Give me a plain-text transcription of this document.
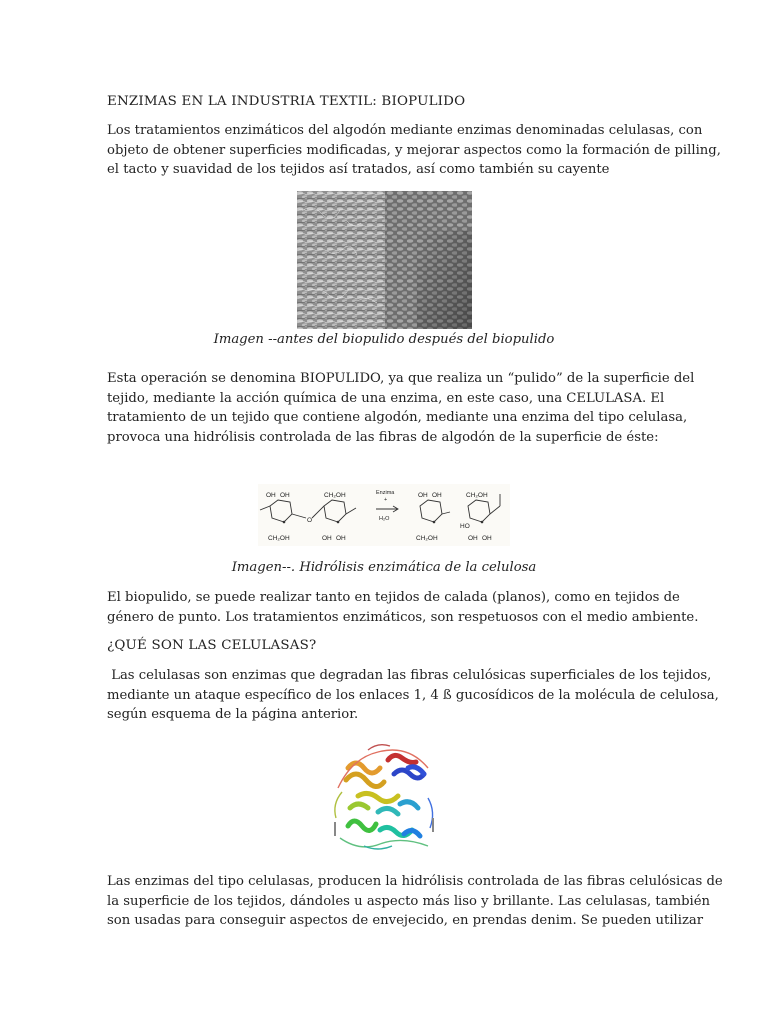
ENZIMAS EN LA INDUSTRIA TEXTIL: BIOPULIDO
Los tratamientos enzimáticos del algodón mediante enzimas denominadas celulasas, con
objeto de obtener superficies modificadas, y mejorar aspectos como la formación de pilling,
el tacto y suavidad de los tejidos así tratados, así como también su cayente
Imagen --antes del biopulido después del biopulido
Esta operación se denomina BIOPULIDO, ya que realiza un “pulido” de la superficie del
tejido, mediante la acción química de una enzima, en este caso, una CELULASA. El
tratamiento de un tejido que contiene algodón, mediante una enzima del tipo celulasa,
provoca una hidrólisis controlada de las fibras de algodón de la superficie de éste:
OH OH
CH₂OH
CH₂OH
OH OH
O
Enzima
+
H₂O
OH OH
CH₂OH
CH₂OH
HO
OH OH
Imagen--. Hidrólisis enzimática de la celulosa
El biopulido, se puede realizar tanto en tejidos de calada (planos), como en tejidos de
género de punto. Los tratamientos enzimáticos, son respetuosos con el medio ambiente.
¿QUÉ SON LAS CELULASAS?
Las celulasas son enzimas que degradan las fibras celulósicas superficiales de los tejidos,
mediante un ataque específico de los enlaces 1, 4 ß gucosídicos de la molécula de celulosa,
según esquema de la página anterior.
Las enzimas del tipo celulasas, producen la hidrólisis controlada de las fibras celulósicas de
la superficie de los tejidos, dándoles u aspecto más liso y brillante. Las celulasas, también
son usadas para conseguir aspectos de envejecido, en prendas denim. Se pueden utilizar
